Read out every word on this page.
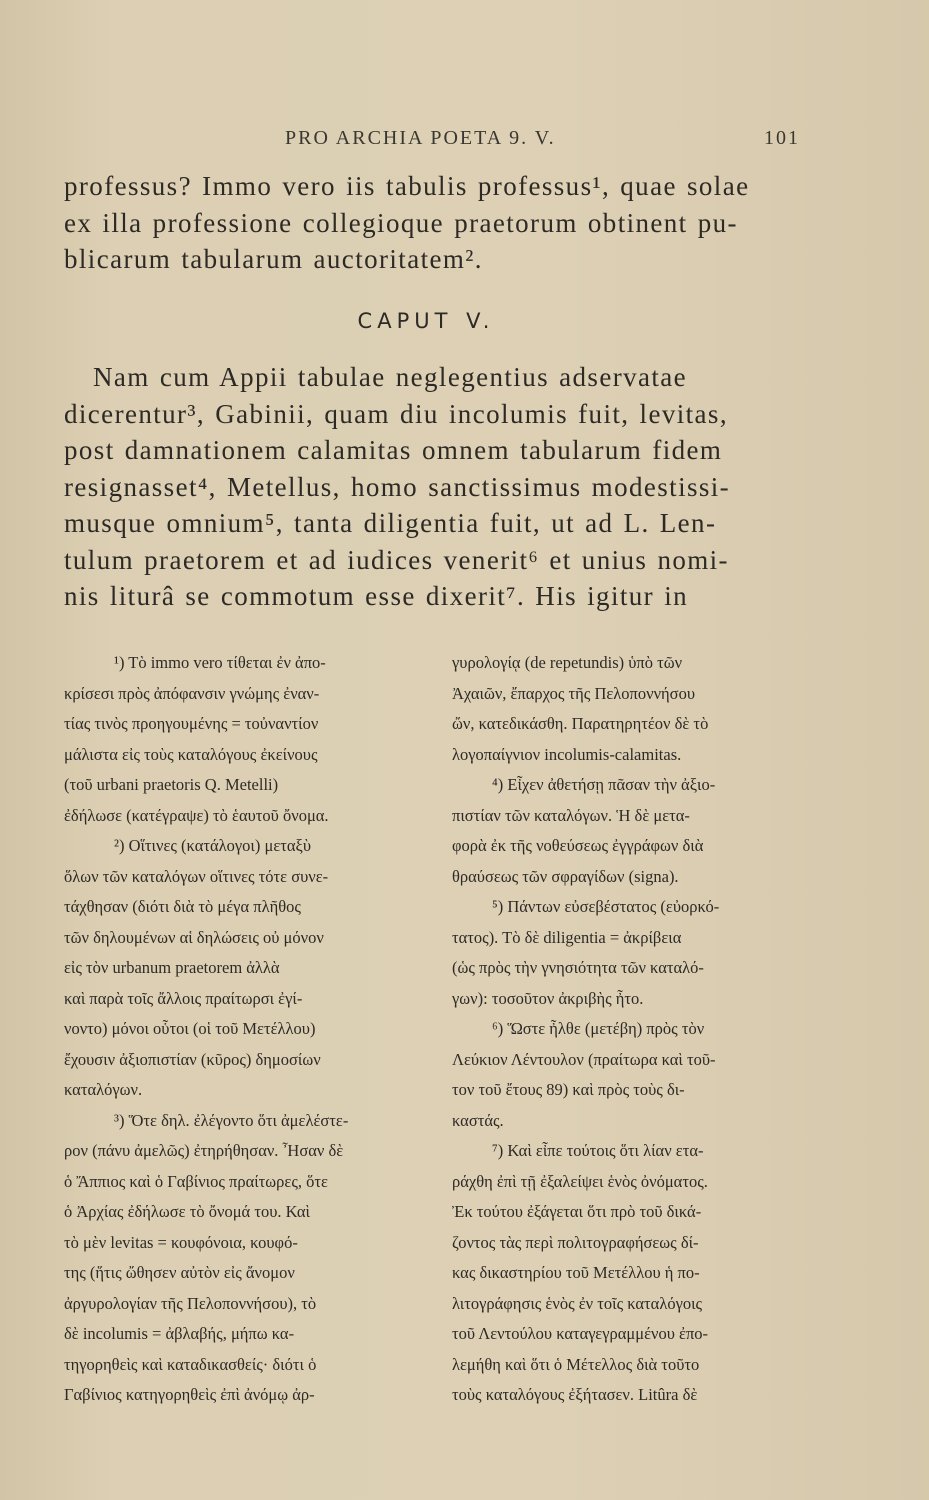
PRO ARCHIA POETA 9. V.	101

professus? Immo vero iis tabulis professus¹, quae solae
ex illa professione collegioque praetorum obtinent pu-
blicarum tabularum auctoritatem².

CAPUT V.

Nam cum Appii tabulae neglegentius adservatae
dicerentur³, Gabinii, quam diu incolumis fuit, levitas,
post damnationem calamitas omnem tabularum fidem
resignasset⁴, Metellus, homo sanctissimus modestissi-
musque omnium⁵, tanta diligentia fuit, ut ad L. Len-
tulum praetorem et ad iudices venerit⁶ et unius nomi-
nis liturâ se commotum esse dixerit⁷. His igitur in

¹) Τὸ immo vero τίθεται ἐν ἀπο-
κρίσεσι πρὸς ἀπόφανσιν γνώμης ἐναν-
τίας τινὸς προηγουμένης = τοὐναντίον
μάλιστα εἰς τοὺς καταλόγους ἐκείνους
(τοῦ urbani praetoris Q. Metelli)
ἐδήλωσε (κατέγραψε) τὸ ἑαυτοῦ ὄνομα.
²) Οἵτινες (κατάλογοι) μεταξὺ
ὅλων τῶν καταλόγων οἵτινες τότε συνε-
τάχθησαν (διότι διὰ τὸ μέγα πλῆθος
τῶν δηλουμένων αἱ δηλώσεις οὐ μόνον
εἰς τὸν urbanum praetorem ἀλλὰ
καὶ παρὰ τοῖς ἄλλοις πραίτωρσι ἐγί-
νοντο) μόνοι οὗτοι (οἱ τοῦ Μετέλλου)
ἔχουσιν ἀξιοπιστίαν (κῦρος) δημοσίων
καταλόγων.
³) Ὅτε δηλ. ἐλέγοντο ὅτι ἀμελέστε-
ρον (πάνυ ἀμελῶς) ἐτηρήθησαν. Ἦσαν δὲ
ὁ Ἄππιος καὶ ὁ Γαβίνιος πραίτωρες, ὅτε
ὁ Ἀρχίας ἐδήλωσε τὸ ὄνομά του. Καὶ
τὸ μὲν levitas = κουφόνοια, κουφό-
της (ἥτις ὤθησεν αὐτὸν εἰς ἄνομον
ἀργυρολογίαν τῆς Πελοποννήσου), τὸ
δὲ incolumis = ἀβλαβής, μήπω κα-
τηγορηθεὶς καὶ καταδικασθείς· διότι ὁ
Γαβίνιος κατηγορηθεὶς ἐπὶ ἀνόμῳ ἀρ-
γυρολογίᾳ (de repetundis) ὑπὸ τῶν
Ἀχαιῶν, ἔπαρχος τῆς Πελοποννήσου
ὤν, κατεδικάσθη. Παρατηρητέον δὲ τὸ
λογοπαίγνιον incolumis-calamitas.
⁴) Εἶχεν ἀθετήσῃ πᾶσαν τὴν ἀξιο-
πιστίαν τῶν καταλόγων. Ἡ δὲ μετα-
φορὰ ἐκ τῆς νοθεύσεως ἐγγράφων διὰ
θραύσεως τῶν σφραγίδων (signa).
⁵) Πάντων εὐσεβέστατος (εὐορκό-
τατος). Τὸ δὲ diligentia = ἀκρίβεια
(ὡς πρὸς τὴν γνησιότητα τῶν καταλό-
γων): τοσοῦτον ἀκριβὴς ἦτο.
⁶) Ὥστε ἦλθε (μετέβη) πρὸς τὸν
Λεύκιον Λέντουλον (πραίτωρα καὶ τοῦ-
τον τοῦ ἔτους 89) καὶ πρὸς τοὺς δι-
καστάς.
⁷) Καὶ εἶπε τούτοις ὅτι λίαν ετα-
ράχθη ἐπὶ τῇ ἐξαλείψει ἑνὸς ὀνόματος.
Ἐκ τούτου ἐξάγεται ὅτι πρὸ τοῦ δικά-
ζοντος τὰς περὶ πολιτογραφήσεως δί-
κας δικαστηρίου τοῦ Μετέλλου ἡ πο-
λιτογράφησις ἑνὸς ἐν τοῖς καταλόγοις
τοῦ Λεντούλου καταγεγραμμένου ἐπο-
λεμήθη καὶ ὅτι ὁ Μέτελλος διὰ τοῦτο
τοὺς καταλόγους ἐξήτασεν. Litûra δὲ
